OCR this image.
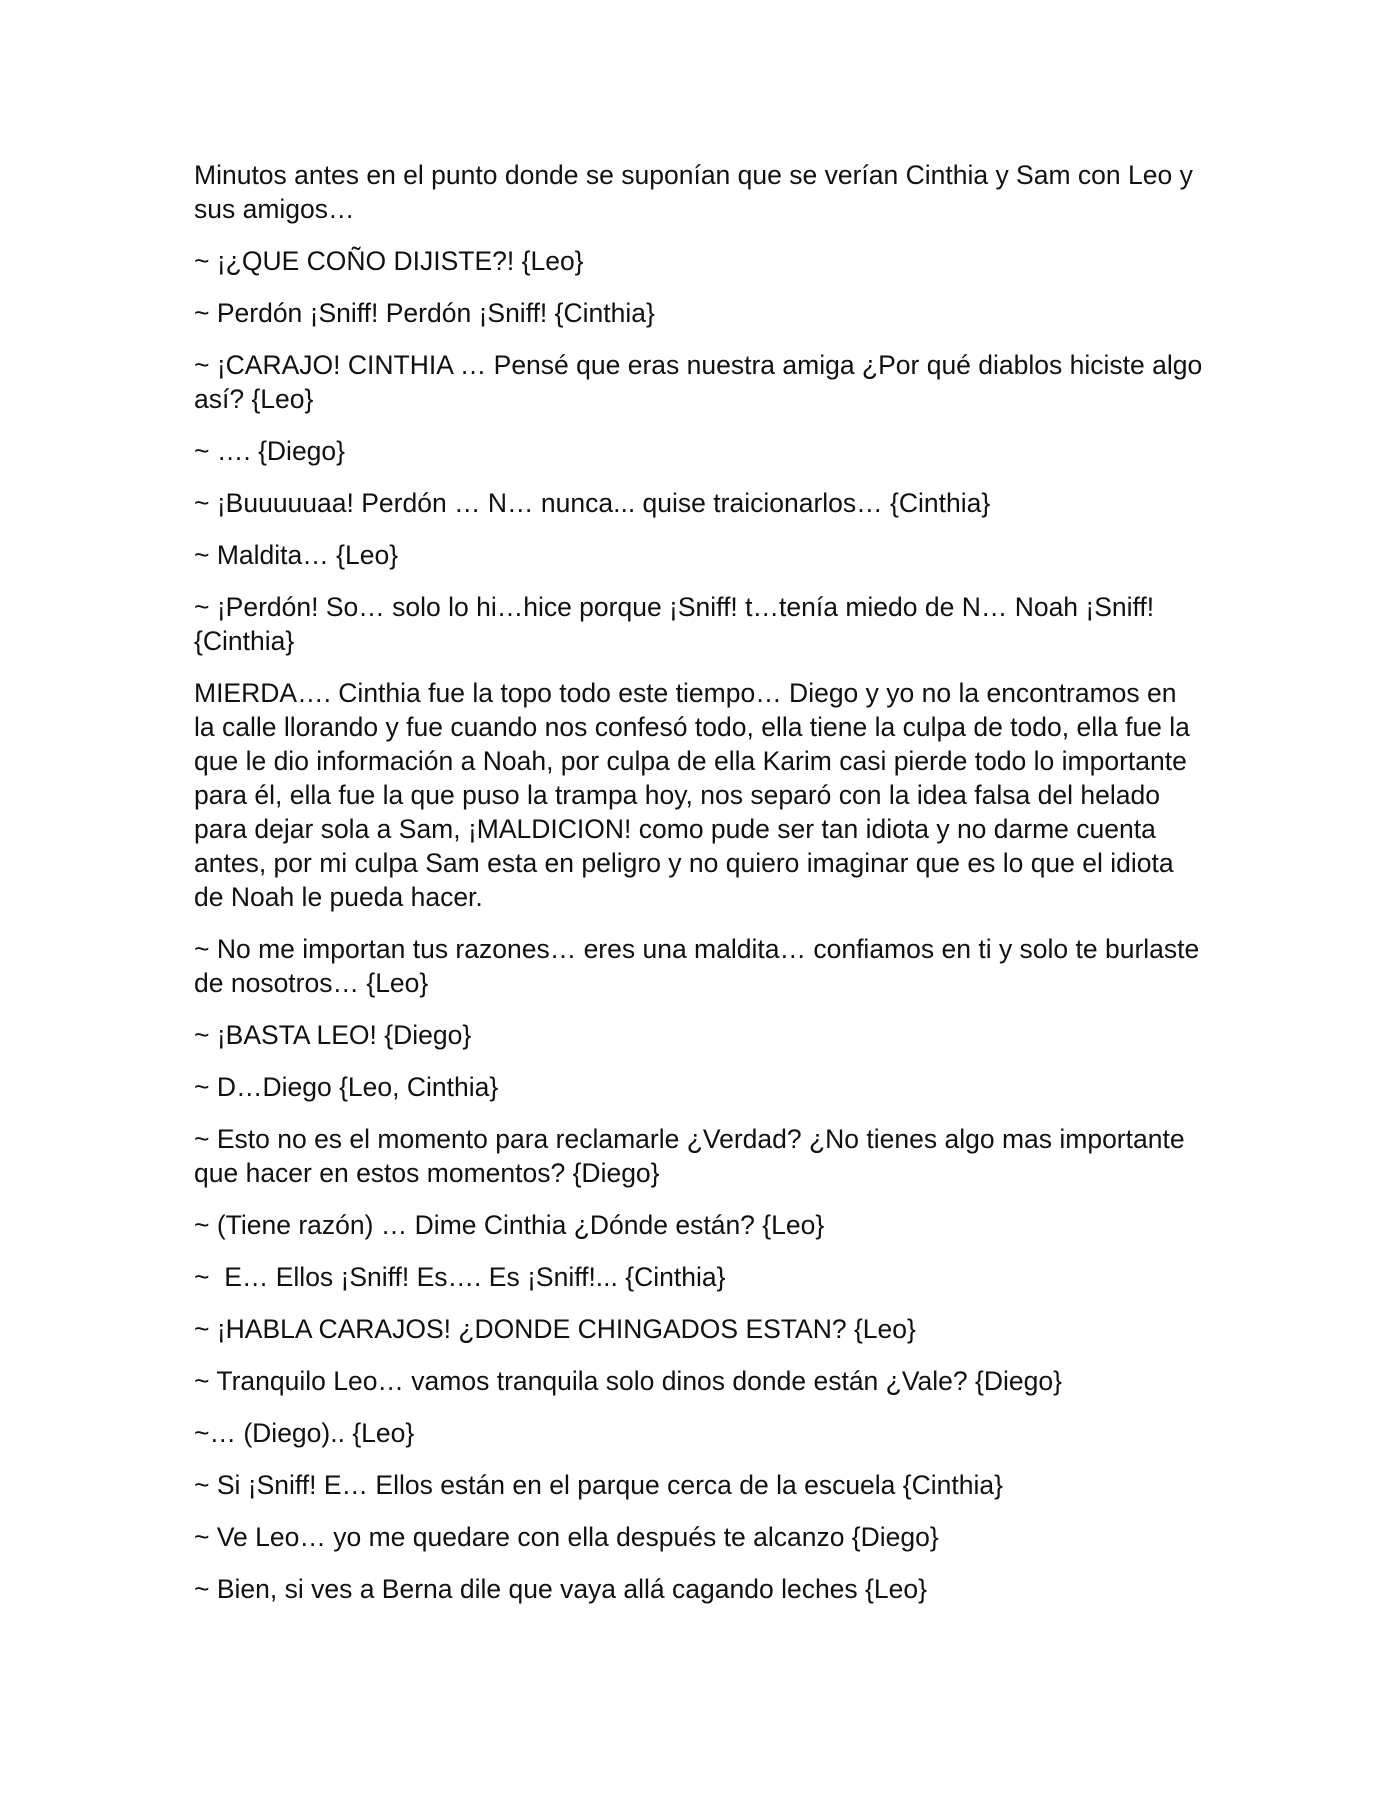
Minutos antes en el punto donde se suponían que se verían Cinthia y Sam con Leo y sus amigos…

~ ¡¿QUE COÑO DIJISTE?! {Leo}

~ Perdón ¡Sniff! Perdón ¡Sniff! {Cinthia}

~ ¡CARAJO! CINTHIA … Pensé que eras nuestra amiga ¿Por qué diablos hiciste algo así? {Leo}

~ …. {Diego}

~ ¡Buuuuuaa! Perdón … N… nunca... quise traicionarlos… {Cinthia}

~ Maldita… {Leo}

~ ¡Perdón! So… solo lo hi…hice porque ¡Sniff! t…tenía miedo de N… Noah ¡Sniff! {Cinthia}

MIERDA…. Cinthia fue la topo todo este tiempo… Diego y yo no la encontramos en la calle llorando y fue cuando nos confesó todo, ella tiene la culpa de todo, ella fue la que le dio información a Noah, por culpa de ella Karim casi pierde todo lo importante para él, ella fue la que puso la trampa hoy, nos separó con la idea falsa del helado para dejar sola a Sam, ¡MALDICION! como pude ser tan idiota y no darme cuenta antes, por mi culpa Sam esta en peligro y no quiero imaginar que es lo que el idiota de Noah le pueda hacer.

~ No me importan tus razones… eres una maldita… confiamos en ti y solo te burlaste de nosotros… {Leo}

~ ¡BASTA LEO! {Diego}

~ D…Diego {Leo, Cinthia}

~ Esto no es el momento para reclamarle ¿Verdad? ¿No tienes algo mas importante que hacer en estos momentos? {Diego}

~ (Tiene razón) … Dime Cinthia ¿Dónde están? {Leo}

~  E… Ellos ¡Sniff! Es…. Es ¡Sniff!... {Cinthia}

~ ¡HABLA CARAJOS! ¿DONDE CHINGADOS ESTAN? {Leo}

~ Tranquilo Leo… vamos tranquila solo dinos donde están ¿Vale? {Diego}

~… (Diego).. {Leo}

~ Si ¡Sniff! E… Ellos están en el parque cerca de la escuela {Cinthia}

~ Ve Leo… yo me quedare con ella después te alcanzo {Diego}

~ Bien, si ves a Berna dile que vaya allá cagando leches {Leo}
